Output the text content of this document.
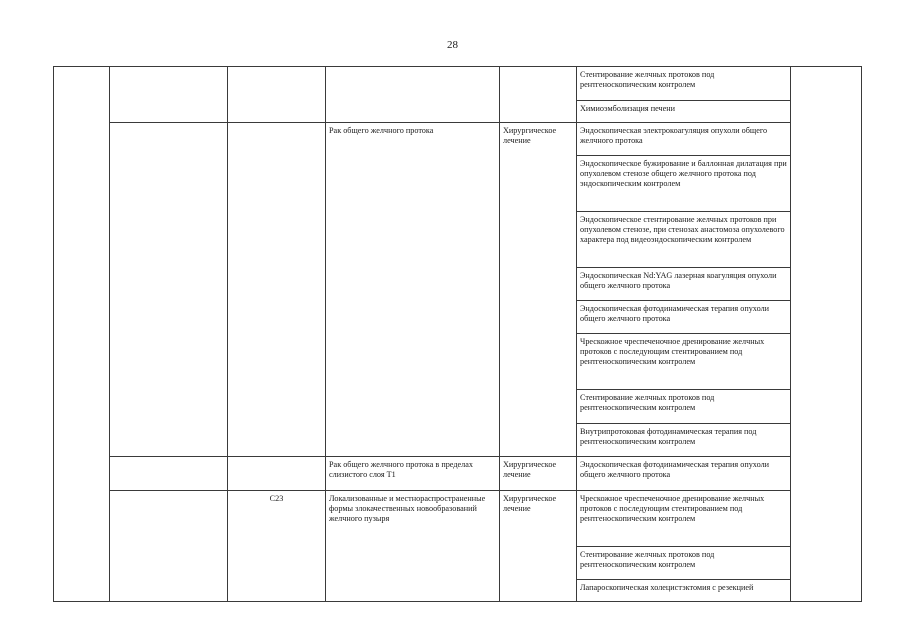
28
					Стентирование желчных протоков под рентгеноскопическим контролем	
					Химиоэмболизация печени	
			Рак общего желчного протока	Хирургическое лечение	Эндоскопическая электрокоагуляция опухоли общего желчного протока	
					Эндоскопическое бужирование и баллонная дилатация при опухолевом стенозе общего желчного протока под эндоскопическим контролем	
					Эндоскопическое стентирование желчных протоков при опухолевом стенозе, при стенозах анастомоза опухолевого характера под видеоэндоскопическим контролем	
					Эндоскопическая Nd:YAG лазерная коагуляция опухоли общего желчного протока	
					Эндоскопическая фотодинамическая терапия опухоли общего желчного протока	
					Чрескожное чреспеченочное дренирование желчных протоков с последующим стентированием под рентгеноскопическим контролем	
					Стентирование желчных протоков под рентгеноскопическим контролем	
					Внутрипротоковая фотодинамическая терапия под рентгеноскопическим контролем	
			Рак общего желчного протока в пределах слизистого слоя Т1	Хирургическое лечение	Эндоскопическая фотодинамическая терапия опухоли общего желчного протока	
		С23	Локализованные и местнораспространенные формы злокачественных новообразований желчного пузыря	Хирургическое лечение	Чрескожное чреспеченочное дренирование желчных протоков с последующим стентированием под рентгеноскопическим контролем	
					Стентирование желчных протоков под рентгеноскопическим контролем	
					Лапароскопическая холецистэктомия с резекцией	
